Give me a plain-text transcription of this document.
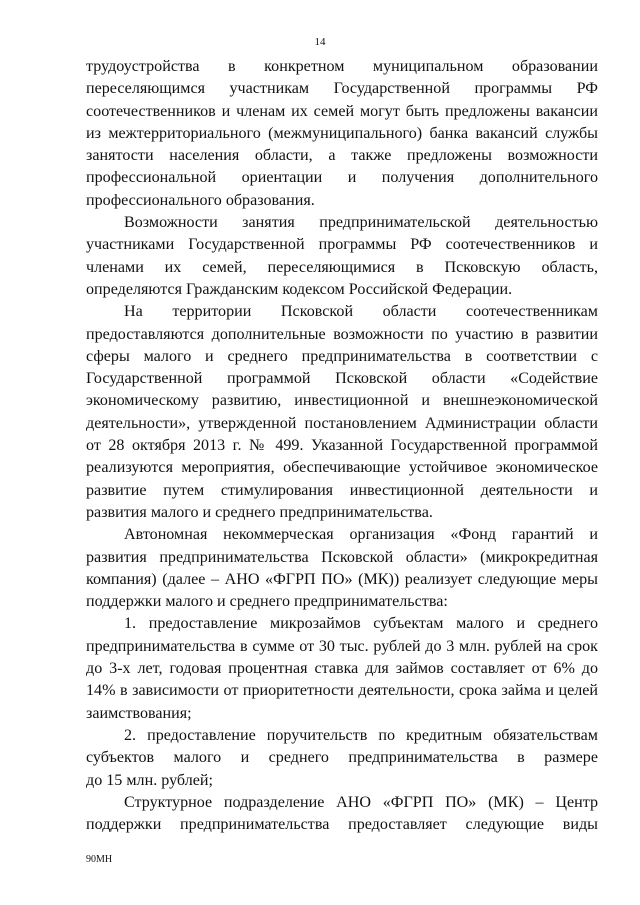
14

трудоустройства в конкретном муниципальном образовании

переселяющимся участникам Государственной программы РФ

соотечественников и членам их семей могут быть предложены вакансии

из межтерриториального (межмуниципального) банка вакансий службы

занятости населения области, а также предложены возможности

профессиональной ориентации и получения дополнительного

профессионального образования.

Возможности занятия предпринимательской деятельностью

участниками Государственной программы РФ соотечественников и

членами их семей, переселяющимися в Псковскую область,

определяются Гражданским кодексом Российской Федерации.

На территории Псковской области соотечественникам

предоставляются дополнительные возможности по участию в развитии

сферы малого и среднего предпринимательства в соответствии с

Государственной программой Псковской области «Содействие

экономическому развитию, инвестиционной и внешнеэкономической

деятельности», утвержденной постановлением Администрации области

от 28 октября 2013 г. № 499. Указанной Государственной программой

реализуются мероприятия, обеспечивающие устойчивое экономическое

развитие путем стимулирования инвестиционной деятельности и

развития малого и среднего предпринимательства.

Автономная некоммерческая организация «Фонд гарантий и

развития предпринимательства Псковской области» (микрокредитная

компания) (далее – АНО «ФГРП ПО» (МК)) реализует следующие меры

поддержки малого и среднего предпринимательства:

1. предоставление микрозаймов субъектам малого и среднего

предпринимательства в сумме от 30 тыс. рублей до 3 млн. рублей на срок

до 3-х лет, годовая процентная ставка для займов составляет от 6% до

14% в зависимости от приоритетности деятельности, срока займа и целей

заимствования;

2. предоставление поручительств по кредитным обязательствам

субъектов малого и среднего предпринимательства в размере

до 15 млн. рублей;

Структурное подразделение АНО «ФГРП ПО» (МК) – Центр

поддержки предпринимательства предоставляет следующие виды

90МН
